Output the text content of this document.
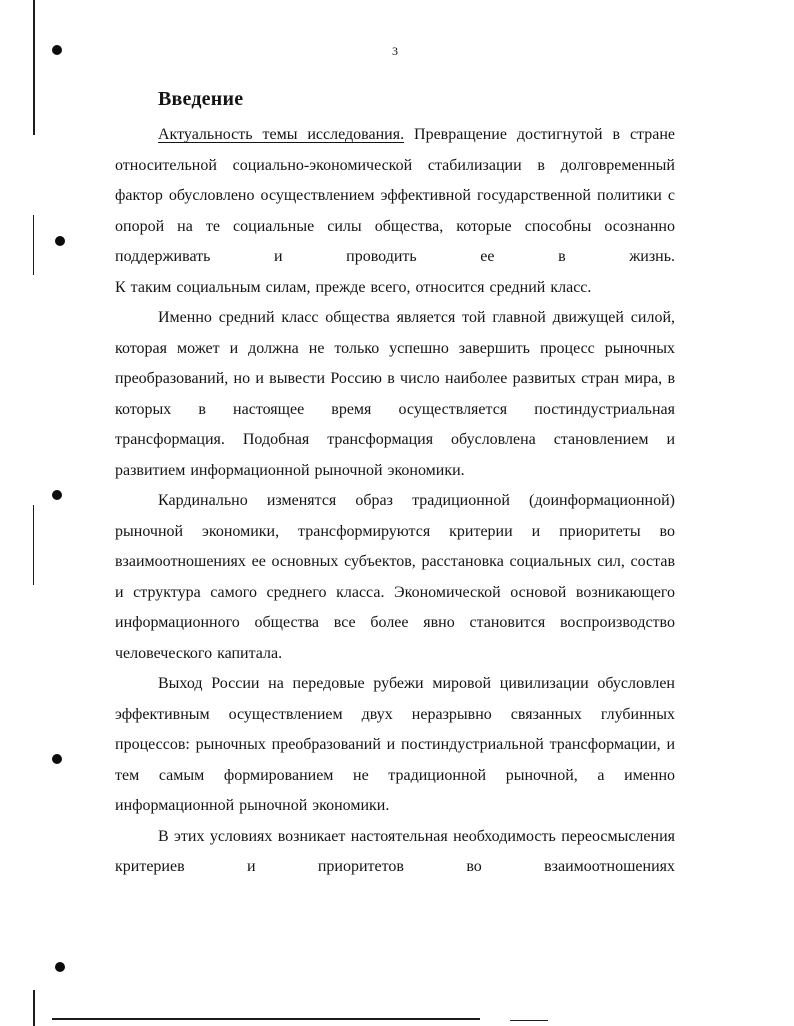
3
Введение

Актуальность темы исследования. Превращение достигнутой в стране относительной социально-экономической стабилизации в долговременный фактор обусловлено осуществлением эффективной государственной политики с опорой на те социальные силы общества, которые способны осознанно поддерживать и проводить ее в жизнь.

К таким социальным силам, прежде всего, относится средний класс.

Именно средний класс общества является той главной движущей силой, которая может и должна не только успешно завершить процесс рыночных преобразований, но и вывести Россию в число наиболее развитых стран мира, в которых в настоящее время осуществляется постиндустриальная трансформация. Подобная трансформация обусловлена становлением и развитием информационной рыночной экономики.

Кардинально изменятся образ традиционной (доинформационной) рыночной экономики, трансформируются критерии и приоритеты во взаимоотношениях ее основных субъектов, расстановка социальных сил, состав и структура самого среднего класса. Экономической основой возникающего информационного общества все более явно становится воспроизводство человеческого капитала.

Выход России на передовые рубежи мировой цивилизации обусловлен эффективным осуществлением двух неразрывно связанных глубинных процессов: рыночных преобразований и постиндустриальной трансформации, и тем самым формированием не традиционной рыночной, а именно информационной рыночной экономики.

В этих условиях возникает настоятельная необходимость переосмысления критериев и приоритетов во взаимоотношениях
